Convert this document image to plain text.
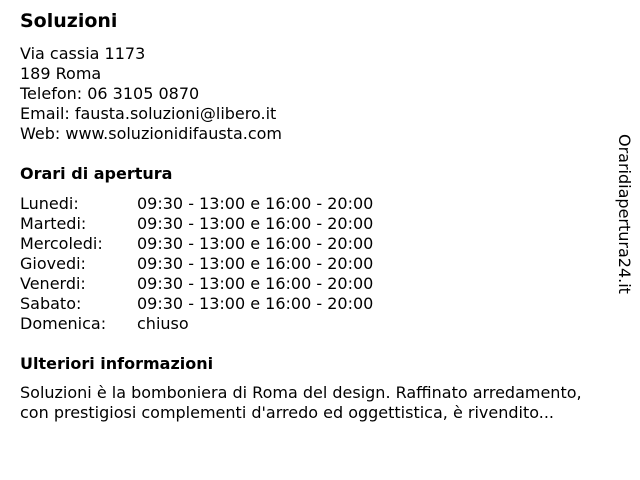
Soluzioni
Via cassia 1173
189 Roma
Telefon: 06 3105 0870
Email: fausta.soluzioni@libero.it
Web: www.soluzionidifausta.com
Orari di apertura
Lunedi:	09:30 - 13:00 e 16:00 - 20:00
Martedi:	09:30 - 13:00 e 16:00 - 20:00
Mercoledi:	09:30 - 13:00 e 16:00 - 20:00
Giovedi:	09:30 - 13:00 e 16:00 - 20:00
Venerdi:	09:30 - 13:00 e 16:00 - 20:00
Sabato:	09:30 - 13:00 e 16:00 - 20:00
Domenica:	chiuso
Ulteriori informazioni
Soluzioni è la bomboniera di Roma del design. Raffinato arredamento,
con prestigiosi complementi d'arredo ed oggettistica, è rivendito...
Oraridiapertura24.it
